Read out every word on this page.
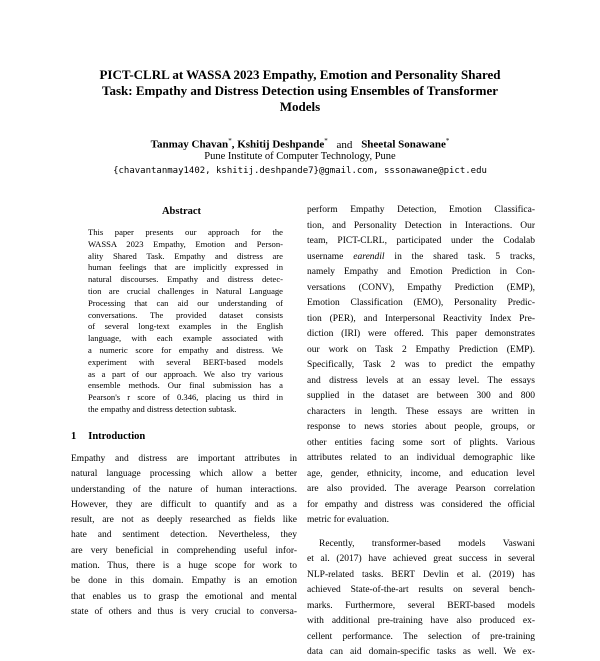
PICT-CLRL at WASSA 2023 Empathy, Emotion and Personality Shared
Task: Empathy and Distress Detection using Ensembles of Transformer
Models
Tanmay Chavan*, Kshitij Deshpande* and Sheetal Sonawane*
Pune Institute of Computer Technology, Pune
{chavantanmay1402, kshitij.deshpande7}@gmail.com, sssonawane@pict.edu
Abstract
This paper presents our approach for the
WASSA 2023 Empathy, Emotion and Person-
ality Shared Task. Empathy and distress are
human feelings that are implicitly expressed in
natural discourses. Empathy and distress detec-
tion are crucial challenges in Natural Language
Processing that can aid our understanding of
conversations. The provided dataset consists
of several long-text examples in the English
language, with each example associated with
a numeric score for empathy and distress. We
experiment with several BERT-based models
as a part of our approach. We also try various
ensemble methods. Our final submission has a
Pearson's r score of 0.346, placing us third in
the empathy and distress detection subtask.
1 Introduction
Empathy and distress are important attributes in
natural language processing which allow a better
understanding of the nature of human interactions.
However, they are difficult to quantify and as a
result, are not as deeply researched as fields like
hate and sentiment detection. Nevertheless, they
are very beneficial in comprehending useful infor-
mation. Thus, there is a huge scope for work to
be done in this domain. Empathy is an emotion
that enables us to grasp the emotional and mental
state of others and thus is very crucial to conversa-
perform Empathy Detection, Emotion Classifica-
tion, and Personality Detection in Interactions. Our
team, PICT-CLRL, participated under the Codalab
username earendil in the shared task. 5 tracks,
namely Empathy and Emotion Prediction in Con-
versations (CONV), Empathy Prediction (EMP),
Emotion Classification (EMO), Personality Predic-
tion (PER), and Interpersonal Reactivity Index Pre-
diction (IRI) were offered. This paper demonstrates
our work on Task 2 Empathy Prediction (EMP).
Specifically, Task 2 was to predict the empathy
and distress levels at an essay level. The essays
supplied in the dataset are between 300 and 800
characters in length. These essays are written in
response to news stories about people, groups, or
other entities facing some sort of plights. Various
attributes related to an individual demographic like
age, gender, ethnicity, income, and education level
are also provided. The average Pearson correlation
for empathy and distress was considered the official
metric for evaluation.
Recently, transformer-based models Vaswani
et al. (2017) have achieved great success in several
NLP-related tasks. BERT Devlin et al. (2019) has
achieved State-of-the-art results on several bench-
marks. Furthermore, several BERT-based models
with additional pre-training have also produced ex-
cellent performance. The selection of pre-training
data can aid domain-specific tasks as well. We ex-
